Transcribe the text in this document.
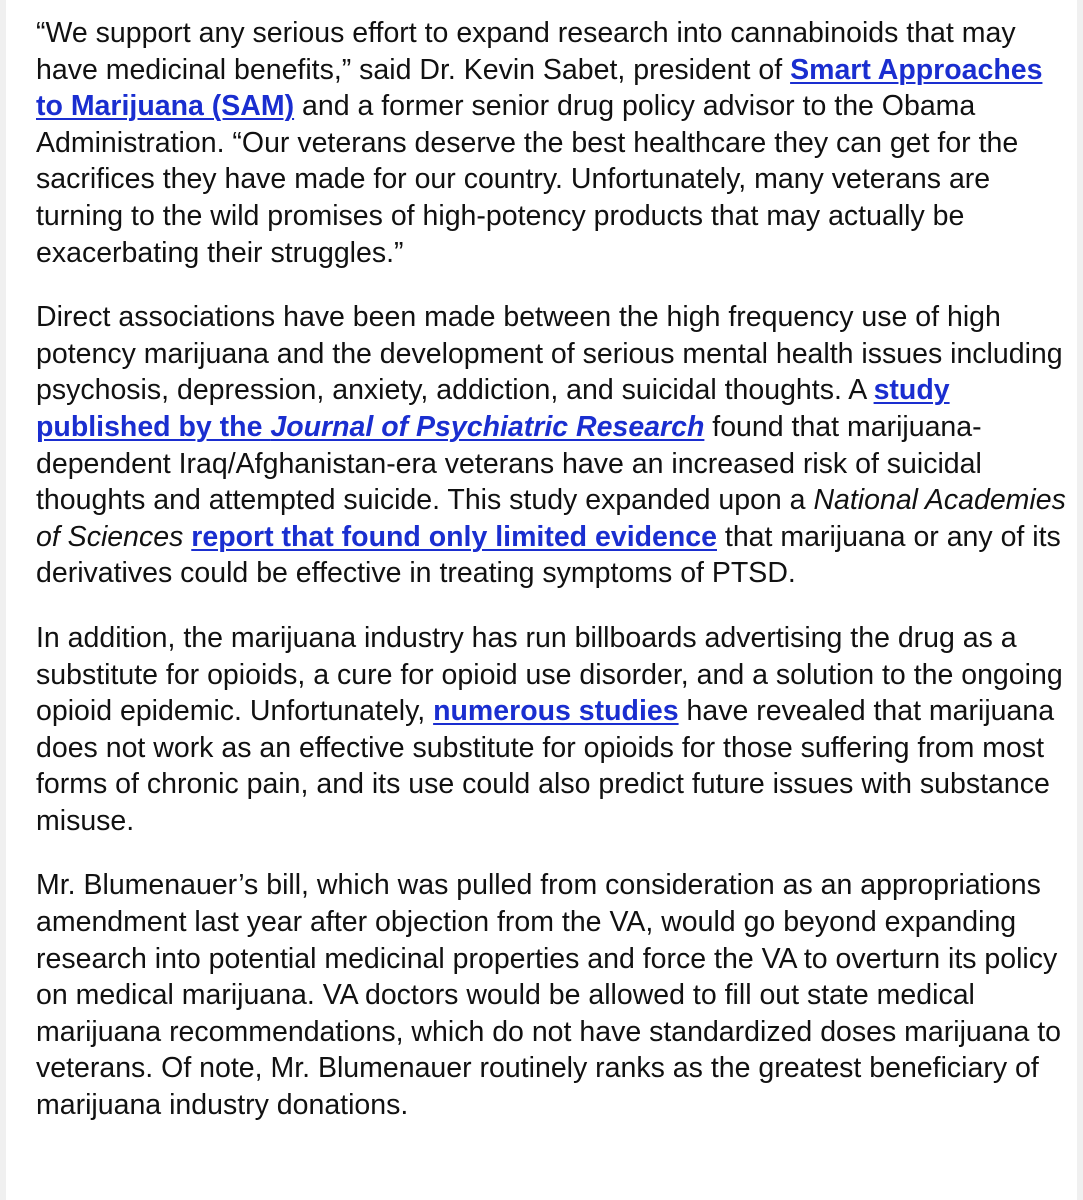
“We support any serious effort to expand research into cannabinoids that may have medicinal benefits,” said Dr. Kevin Sabet, president of Smart Approaches to Marijuana (SAM) and a former senior drug policy advisor to the Obama Administration. “Our veterans deserve the best healthcare they can get for the sacrifices they have made for our country. Unfortunately, many veterans are turning to the wild promises of high-potency products that may actually be exacerbating their struggles.”

Direct associations have been made between the high frequency use of high potency marijuana and the development of serious mental health issues including psychosis, depression, anxiety, addiction, and suicidal thoughts. A study published by the Journal of Psychiatric Research found that marijuana-dependent Iraq/Afghanistan-era veterans have an increased risk of suicidal thoughts and attempted suicide. This study expanded upon a National Academies of Sciences report that found only limited evidence that marijuana or any of its derivatives could be effective in treating symptoms of PTSD.

In addition, the marijuana industry has run billboards advertising the drug as a substitute for opioids, a cure for opioid use disorder, and a solution to the ongoing opioid epidemic. Unfortunately, numerous studies have revealed that marijuana does not work as an effective substitute for opioids for those suffering from most forms of chronic pain, and its use could also predict future issues with substance misuse.

Mr. Blumenauer’s bill, which was pulled from consideration as an appropriations amendment last year after objection from the VA, would go beyond expanding research into potential medicinal properties and force the VA to overturn its policy on medical marijuana. VA doctors would be allowed to fill out state medical marijuana recommendations, which do not have standardized doses marijuana to veterans. Of note, Mr. Blumenauer routinely ranks as the greatest beneficiary of marijuana industry donations.
